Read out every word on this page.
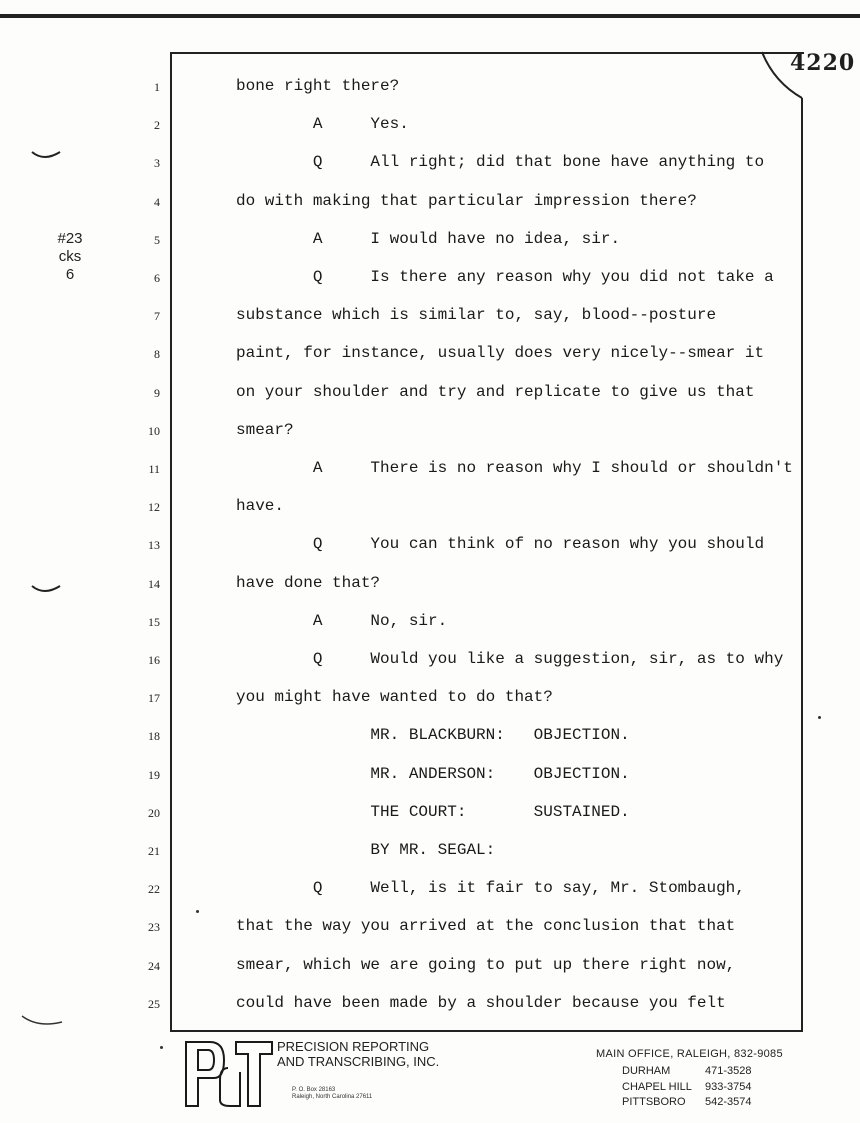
4220
#23
cks
6
1	bone right there?
2	A     Yes.
3	Q     All right; did that bone have anything to
4	do with making that particular impression there?
5	A     I would have no idea, sir.
6	Q     Is there any reason why you did not take a
7	substance which is similar to, say, blood--posture
8	paint, for instance, usually does very nicely--smear it
9	on your shoulder and try and replicate to give us that
10	smear?
11	A     There is no reason why I should or shouldn't
12	have.
13	Q     You can think of no reason why you should
14	have done that?
15	A     No, sir.
16	Q     Would you like a suggestion, sir, as to why
17	you might have wanted to do that?
18	MR. BLACKBURN:   OBJECTION.
19	MR. ANDERSON:    OBJECTION.
20	THE COURT:       SUSTAINED.
21	BY MR. SEGAL:
22	Q     Well, is it fair to say, Mr. Stombaugh,
23	that the way you arrived at the conclusion that that
24	smear, which we are going to put up there right now,
25	could have been made by a shoulder because you felt
PRECISION REPORTING
AND TRANSCRIBING, INC.
P. O. Box 28163
Raleigh, North Carolina 27611
MAIN OFFICE, RALEIGH, 832-9085
DURHAM	471-3528
CHAPEL HILL 933-3754
PITTSBORO 542-3574
